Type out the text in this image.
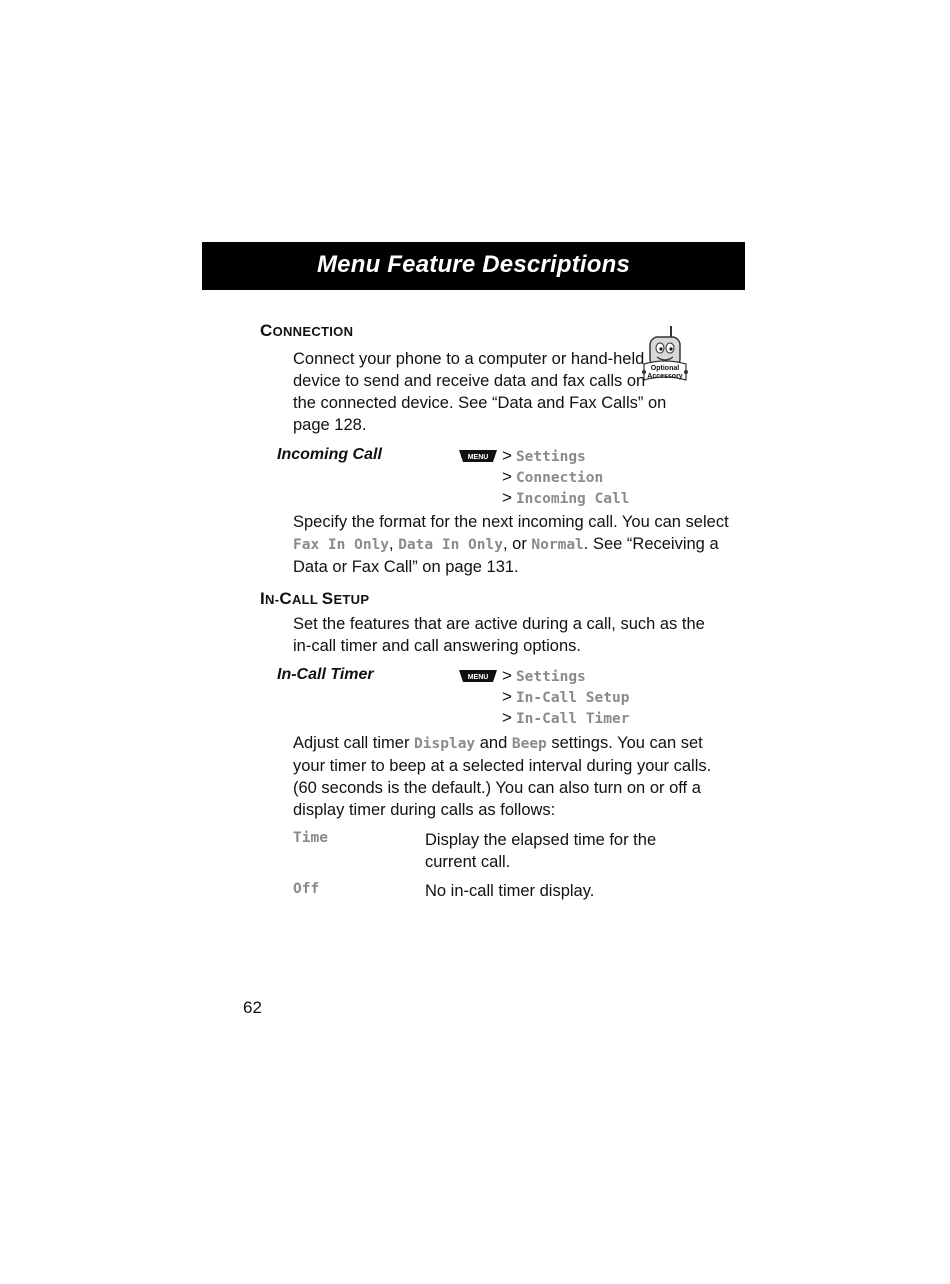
Menu Feature Descriptions
CONNECTION
Optional
Accessory
Connect your phone to a computer or hand-held
device to send and receive data and fax calls on
the connected device. See “Data and Fax Calls” on
page 128.
Incoming Call	MENU > Settings
> Connection
> Incoming Call
Specify the format for the next incoming call. You can select
Fax In Only, Data In Only, or Normal. See “Receiving a
Data or Fax Call” on page 131.
IN-CALL SETUP
Set the features that are active during a call, such as the
in-call timer and call answering options.
In-Call Timer	MENU > Settings
> In-Call Setup
> In-Call Timer
Adjust call timer Display and Beep settings. You can set
your timer to beep at a selected interval during your calls.
(60 seconds is the default.) You can also turn on or off a
display timer during calls as follows:
Time	Display the elapsed time for the
current call.
Off	No in-call timer display.
62
